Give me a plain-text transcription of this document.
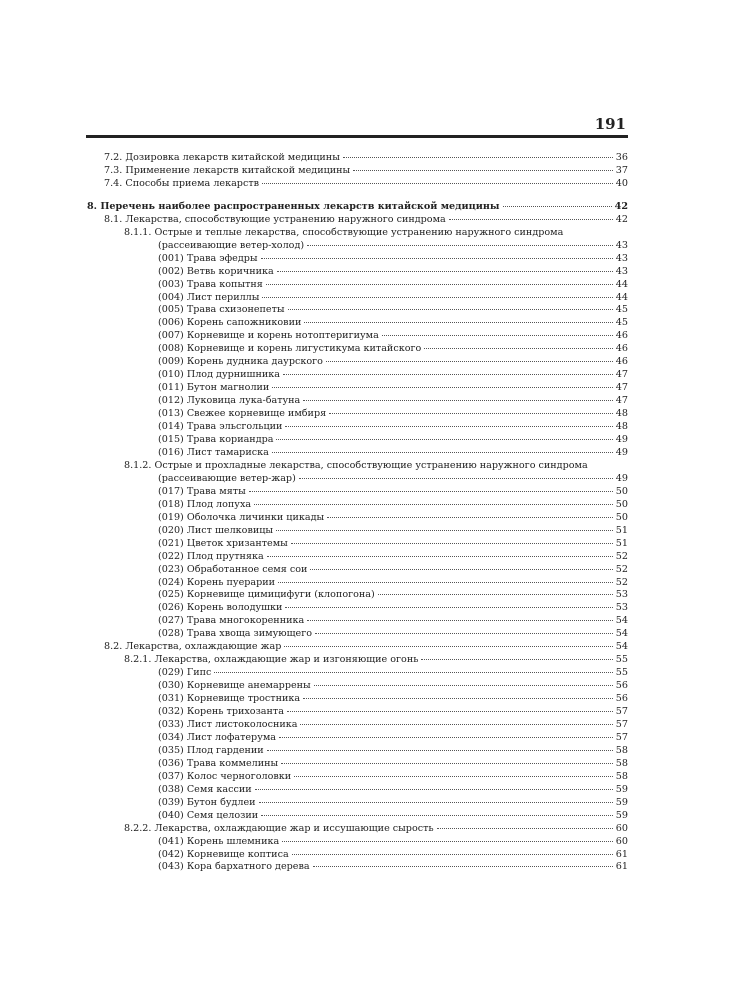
191
7.2. Дозировка лекарств китайской медицины	36
7.3. Применение лекарств китайской медицины	37
7.4. Способы приема лекарств	40
8. Перечень наиболее распространенных лекарств китайской медицины	42
8.1. Лекарства, способствующие устранению наружного синдрома	42
8.1.1. Острые и теплые лекарства, способствующие устранению наружного синдрома
(рассеивающие ветер-холод)	43
(001) Трава эфедры	43
(002) Ветвь коричника	43
(003) Трава копытня	44
(004) Лист периллы	44
(005) Трава схизонепеты	45
(006) Корень сапожниковии	45
(007) Корневище и корень нотоптеригиума	46
(008) Корневище и корень лигустикума китайского	46
(009) Корень дудника даурского	46
(010) Плод дурнишника	47
(011) Бутон магнолии	47
(012) Луковица лука-батуна	47
(013) Свежее корневище имбиря	48
(014) Трава эльсгольции	48
(015) Трава кориандра	49
(016) Лист тамариска	49
8.1.2. Острые и прохладные лекарства, способствующие устранению наружного синдрома
(рассеивающие ветер-жар)	49
(017) Трава мяты	50
(018) Плод лопуха	50
(019) Оболочка личинки цикады	50
(020) Лист шелковицы	51
(021) Цветок хризантемы	51
(022) Плод прутняка	52
(023) Обработанное семя сои	52
(024) Корень пуерарии	52
(025) Корневище цимицифуги (клопогона)	53
(026) Корень володушки	53
(027) Трава многокоренника	54
(028) Трава хвоща зимующего	54
8.2. Лекарства, охлаждающие жар	54
8.2.1. Лекарства, охлаждающие жар и изгоняющие огонь	55
(029) Гипс	55
(030) Корневище анемаррены	56
(031) Корневище тростника	56
(032) Корень трихозанта	57
(033) Лист листоколосника	57
(034) Лист лофатерума	57
(035) Плод гардении	58
(036) Трава коммелины	58
(037) Колос черноголовки	58
(038) Семя кассии	59
(039) Бутон будлеи	59
(040) Семя целозии	59
8.2.2. Лекарства, охлаждающие жар и иссушающие сырость	60
(041) Корень шлемника	60
(042) Корневище коптиса	61
(043) Кора бархатного дерева	61
